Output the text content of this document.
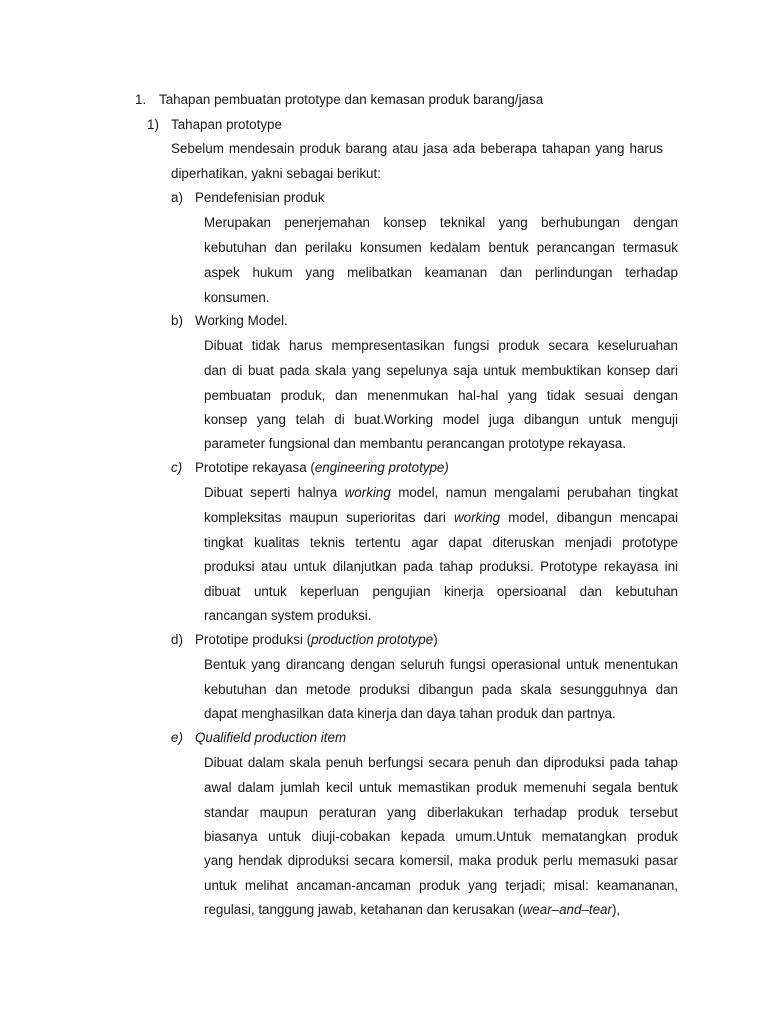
1. Tahapan pembuatan prototype dan kemasan produk barang/jasa
1) Tahapan prototype
Sebelum mendesain produk barang atau jasa ada beberapa tahapan yang harus
diperhatikan, yakni sebagai berikut:
a) Pendefenisian produk
Merupakan penerjemahan konsep teknikal yang berhubungan dengan
kebutuhan dan perilaku konsumen kedalam bentuk perancangan termasuk
aspek hukum yang melibatkan keamanan dan perlindungan terhadap
konsumen.
b) Working Model.
Dibuat tidak harus mempresentasikan fungsi produk secara keseluruahan
dan di buat pada skala yang sepelunya saja untuk membuktikan konsep dari
pembuatan produk, dan menenmukan hal-hal yang tidak sesuai dengan
konsep yang telah di buat.Working model juga dibangun untuk menguji
parameter fungsional dan membantu perancangan prototype rekayasa.
c) Prototipe rekayasa (engineering prototype)
Dibuat seperti halnya working model, namun mengalami perubahan tingkat
kompleksitas maupun superioritas dari working model, dibangun mencapai
tingkat kualitas teknis tertentu agar dapat diteruskan menjadi prototype
produksi atau untuk dilanjutkan pada tahap produksi. Prototype rekayasa ini
dibuat untuk keperluan pengujian kinerja opersioanal dan kebutuhan
rancangan system produksi.
d) Prototipe produksi (production prototype)
Bentuk yang dirancang dengan seluruh fungsi operasional untuk menentukan
kebutuhan dan metode produksi dibangun pada skala sesungguhnya dan
dapat menghasilkan data kinerja dan daya tahan produk dan partnya.
e) Qualifield production item
Dibuat dalam skala penuh berfungsi secara penuh dan diproduksi pada tahap
awal dalam jumlah kecil untuk memastikan produk memenuhi segala bentuk
standar maupun peraturan yang diberlakukan terhadap produk tersebut
biasanya untuk diuji-cobakan kepada umum.Untuk mematangkan produk
yang hendak diproduksi secara komersil, maka produk perlu memasuki pasar
untuk melihat ancaman-ancaman produk yang terjadi; misal: keamananan,
regulasi, tanggung jawab, ketahanan dan kerusakan (wear–and–tear),
